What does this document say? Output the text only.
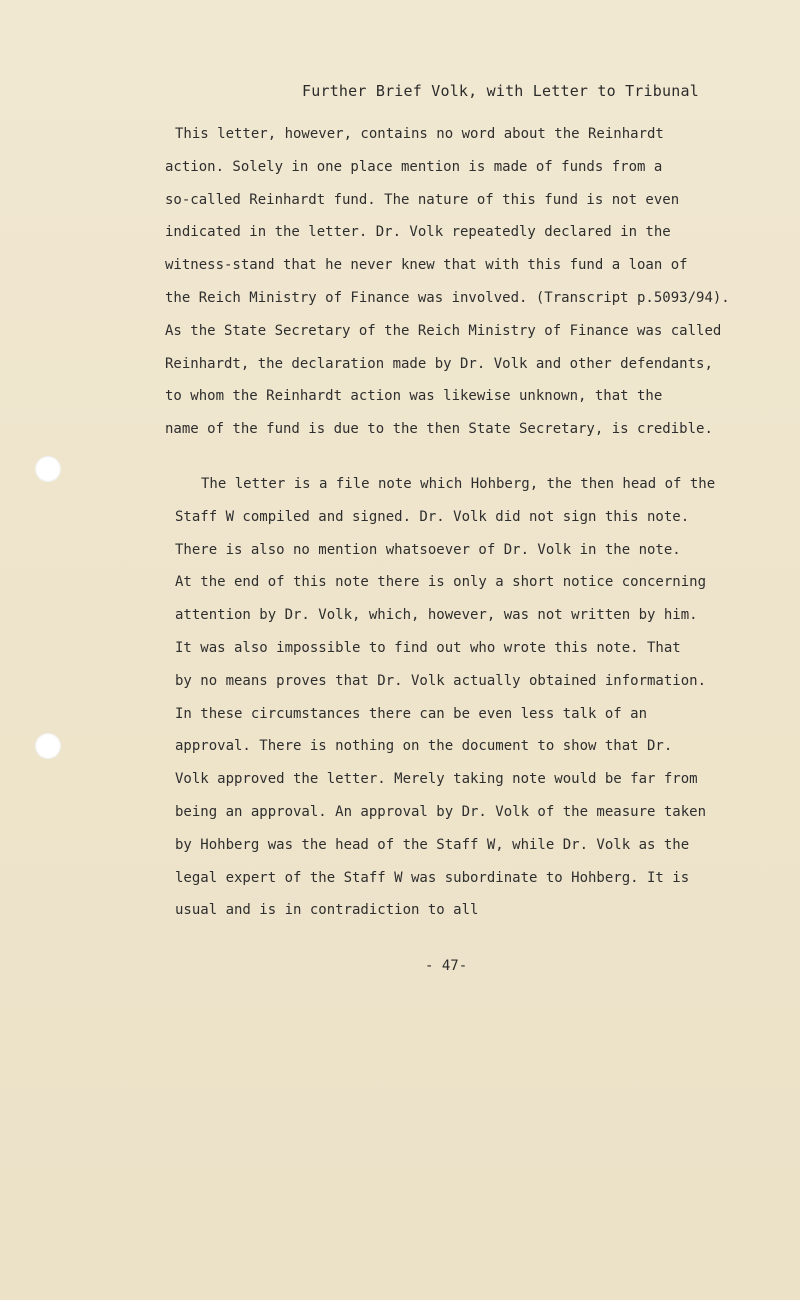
Further Brief Volk, with Letter to Tribunal
This letter, however, contains no word about the Reinhardt
action. Solely in one place mention is made of funds from a
so-called Reinhardt fund. The nature of this fund is not even
indicated in the letter. Dr. Volk repeatedly declared in the
witness-stand that he never knew that with this fund a loan of
the Reich Ministry of Finance was involved. (Transcript p.5093/94).
As the State Secretary of the Reich Ministry of Finance was called
Reinhardt, the declaration made by Dr. Volk and other defendants,
to whom the Reinhardt action was likewise unknown, that the
name of the fund is due to the then State Secretary, is credible.
The letter is a file note which Hohberg, the then head of the
Staff W compiled and signed. Dr. Volk did not sign this note.
There is also no mention whatsoever of Dr. Volk in the note.
At the end of this note there is only a short notice concerning
attention by Dr. Volk, which, however, was not written by him.
It was also impossible to find out who wrote this note. That
by no means proves that Dr. Volk actually obtained information.
In these circumstances there can be even less talk of an
approval. There is nothing on the document to show that Dr.
Volk approved the letter. Merely taking note would be far from
being an approval. An approval by Dr. Volk of the measure taken
by Hohberg was the head of the Staff W, while Dr. Volk as the
legal expert of the Staff W was subordinate to Hohberg. It is
usual and is in contradiction to all
- 47-
